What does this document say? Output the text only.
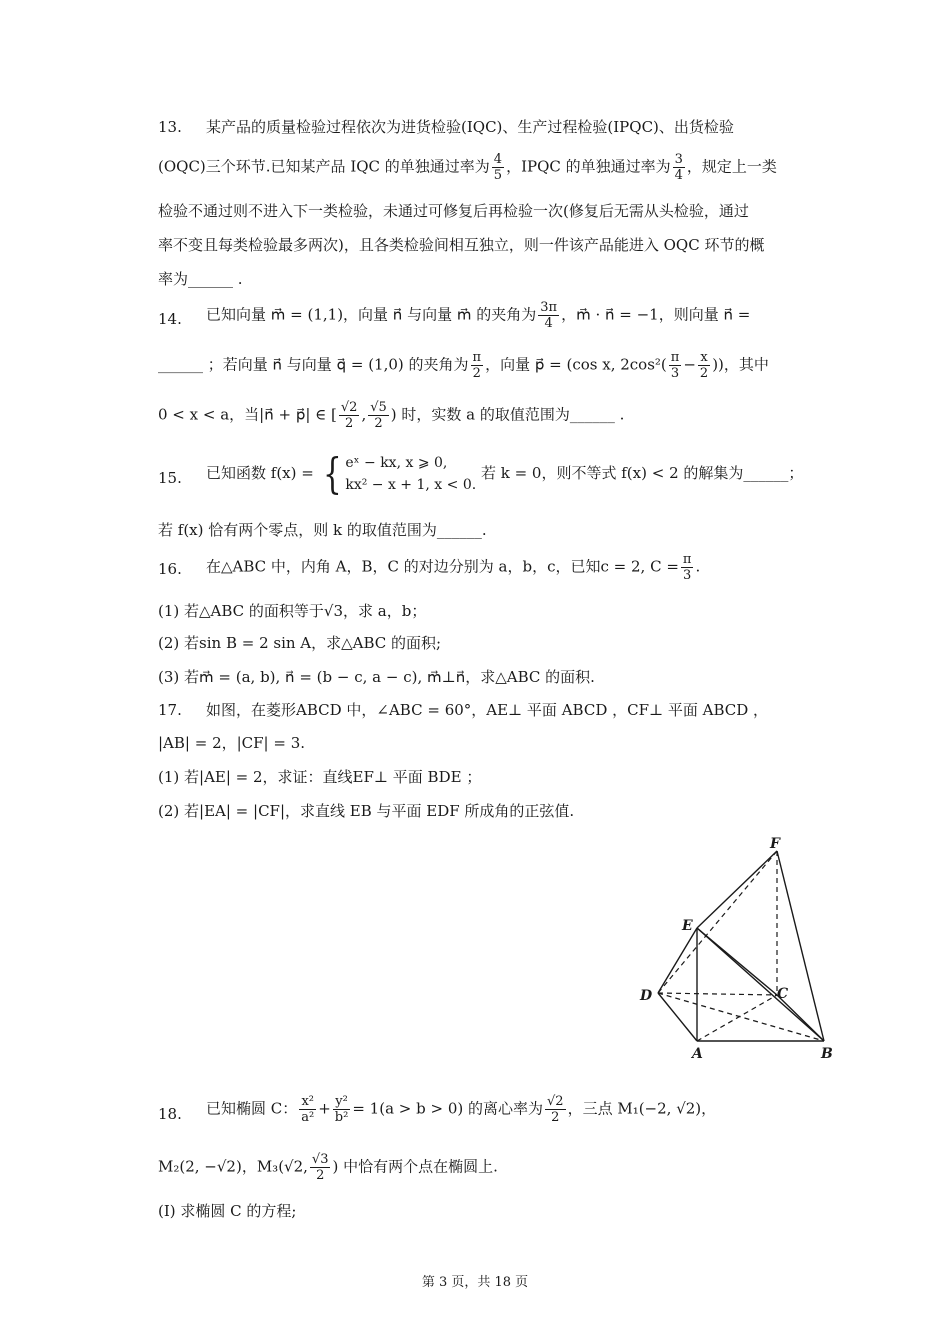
13. 某产品的质量检验过程依次为进货检验(IQC)、生产过程检验(IPQC)、出货检验
(OQC)三个环节.已知某产品 IQC 的单独通过率为 $\frac{4}{5}$ ，IPQC 的单独通过率为 $\frac{3}{4}$ ，规定上一类
检验不通过则不进入下一类检验，未通过可修复后再检验一次(修复后无需从头检验，通过
率不变且每类检验最多两次)，且各类检验间相互独立，则一件该产品能进入 OQC 环节的概
率为______ .
14. 已知向量 m⃗ = (1,1)，向量 n⃗ 与向量 m⃗ 的夹角为 $\frac{3\pi}{4}$ ，m⃗ · n⃗ = −1，则向量 n⃗ =
______ ；若向量 n⃗ 与向量 q⃗ = (1,0) 的夹角为 $\frac{\pi}{2}$ ，向量 p⃗ = (cos x, $2\cos^2( \frac{\pi}{3} - \frac{x}{2}$ ))，其中
0 < x < a，当|n⃗ + p⃗| ∈ [ $\frac{√2}{2}$ , $\frac{√5}{2}$ ) 时，实数 a 的取值范围为______ .
15. 已知函数 f(x) = { eˣ − kx, x ⩾ 0,
kx² − x + 1, x < 0.
若 k = 0，则不等式 f(x) < 2 的解集为______；
若 f(x) 恰有两个零点，则 k 的取值范围为______.
16. 在△ABC 中，内角 A，B，C 的对边分别为 a，b，c，已知c = 2, $C = \frac{\pi}{3}$ .
(1) 若△ABC 的面积等于√3，求 a，b；
(2) 若sin B = 2 sin A，求△ABC 的面积;
(3) 若m⃗ = (a, b), n⃗ = (b − c, a − c), m⃗⊥n⃗，求△ABC 的面积.
17. 如图，在菱形ABCD 中，∠ABC = 60°，AE⊥ 平面 ABCD ，CF⊥ 平面 ABCD ，
|AB| = 2，|CF| = 3.
(1) 若|AE| = 2，求证：直线EF⊥ 平面 BDE ；
(2) 若|EA| = |CF|，求直线 EB 与平面 EDF 所成角的正弦值.
F
E
D	C
A	B
18. 已知椭圆 C： $\frac{\text{x²}}{\text{a²}} + \frac{\text{y²}}{\text{b²}} = 1(a > b > 0)$ 的离心率为 $\frac{√2}{2}$ ，三点 M₁(−2, √2)，
M₂(2, −√2)，M₃(√2, $\frac{√3}{2}$ ) 中恰有两个点在椭圆上.
(Ⅰ) 求椭圆 C 的方程;
第 3 页，共 18 页
